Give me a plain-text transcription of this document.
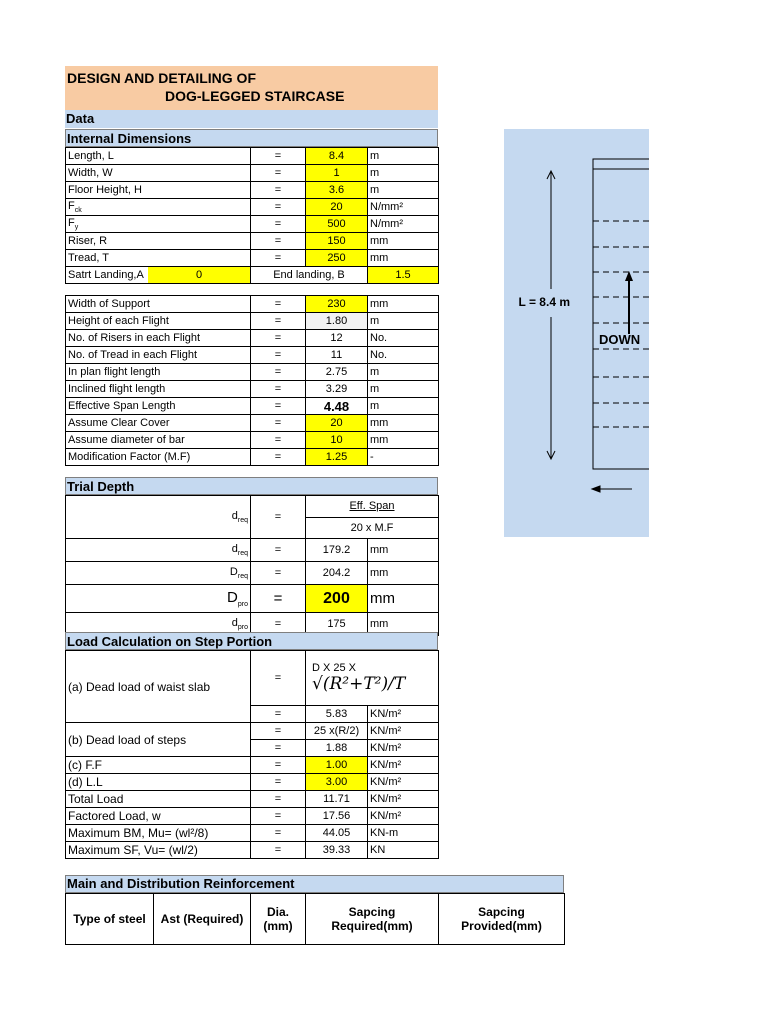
DESIGN AND DETAILING OF
DOG-LEGGED STAIRCASE
Data
Internal Dimensions
Length, L	=	8.4	m
Width, W	=	1	m
Floor Height, H	=	3.6	m
$F_{ck}$	=	20	N/mm²
$F_y$	=	500	N/mm²
Riser, R	=	150	mm
Tread, T	=	250	mm

Satrt Landing,A 0	End landing, B		1.5
Width of Support	=	230	mm
Height of each Flight	=	1.80	m
No. of Risers in each Flight	=	12	No.
No. of Tread in each Flight	=	11	No.
In plan flight length	=	2.75	m
Inclined flight length	=	3.29	m
Effective Span Length	=	4.48	m
Assume Clear Cover	=	20	mm
Assume diameter of bar	=	10	mm
Modification Factor (M.F)	=	1.25	-
Trial Depth
$d_{req}$	=	Eff. Span
20 x M.F	

$d_{req}$	=	179.2	mm
$D_{req}$	=	204.2	mm
$D_{pro}$	=	200	mm
$d_{pro}$	=	175	mm
Load Calculation on Step Portion
(a) Dead load of waist slab	=	D X 25 X
√(R²+T²)/T	

	=	5.83	KN/m²
(b) Dead load of steps	=	25 x(R/2)	KN/m²
	=	1.88	KN/m²
(c) F.F	=	1.00	KN/m²
(d) L.L	=	3.00	KN/m²
Total Load	=	11.71	KN/m²
Factored Load, w	=	17.56	KN/m²
Maximum BM, Mu= (wl²/8)	=	44.05	KN-m
Maximum SF, Vu= (wl/2)	=	39.33	KN
Main and Distribution Reinforcement
Type of steel	Ast (Required)	Dia. (mm)	Sapcing Required(mm)	Sapcing Provided(mm)
L = 8.4 m
DOWN
